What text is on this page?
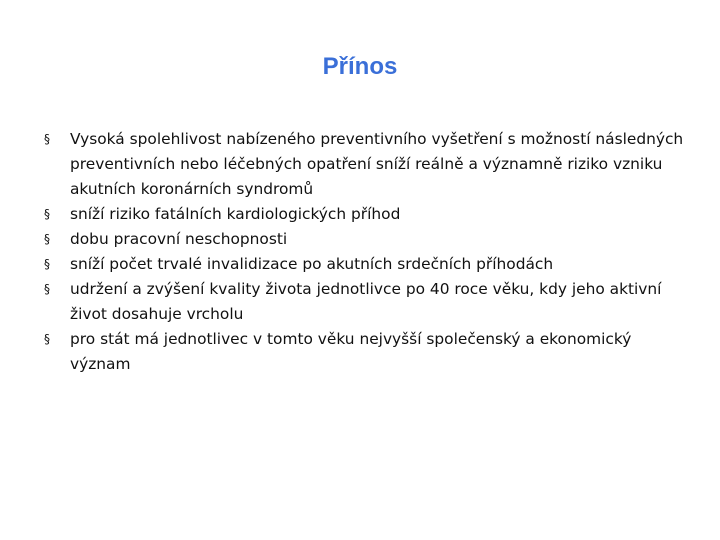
Přínos
§	Vysoká spolehlivost nabízeného preventivního vyšetření s možností následných preventivních nebo léčebných opatření sníží reálně a významně riziko vzniku akutních koronárních syndromů
§	sníží riziko fatálních kardiologických příhod
§	dobu pracovní neschopnosti
§	sníží počet trvalé invalidizace po akutních srdečních příhodách
§	udržení a zvýšení kvality života jednotlivce po 40 roce věku, kdy jeho aktivní život dosahuje vrcholu
§	pro stát má jednotlivec v tomto věku nejvyšší společenský a ekonomický význam
